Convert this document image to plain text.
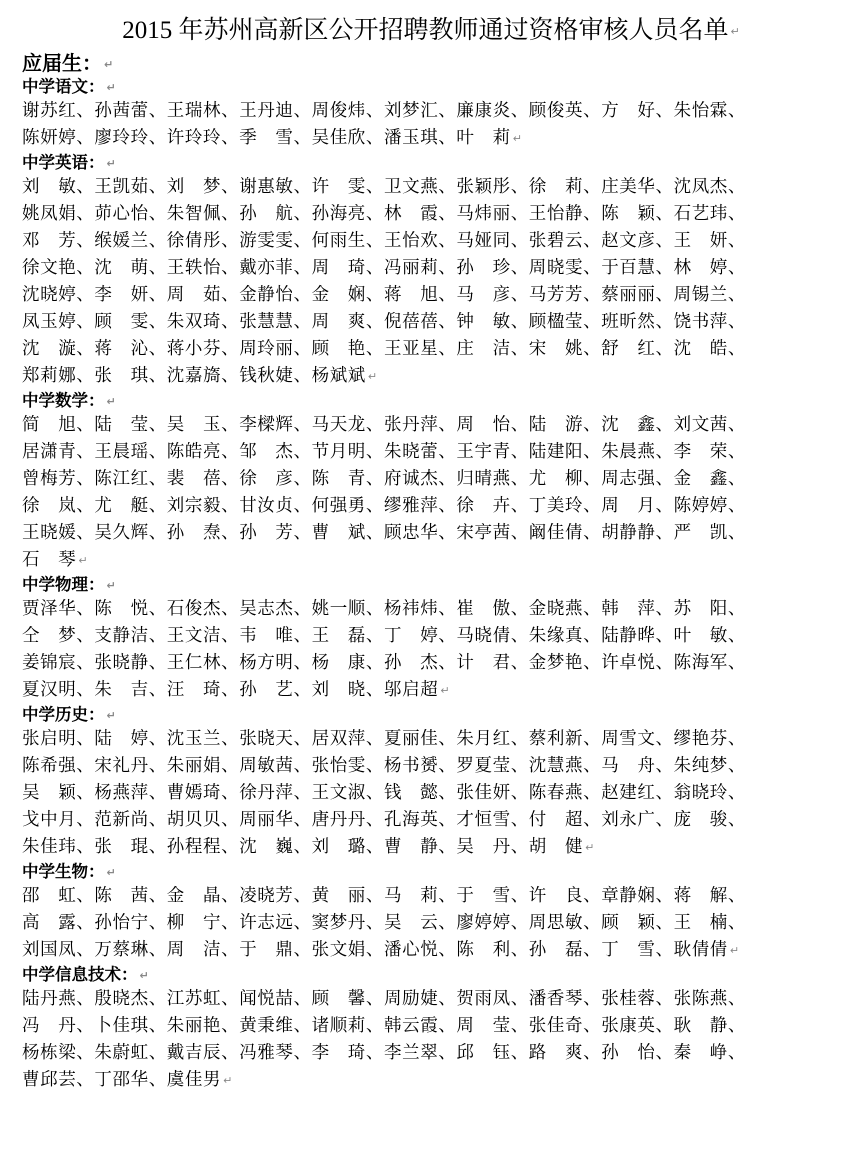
2015 年苏州高新区公开招聘教师通过资格审核人员名单 ↵
应届生： ↵
中学语文： ↵
谢苏红、孙茜蕾、王瑞林、王丹迪、周俊炜、刘梦汇、廉康炎、顾俊英、方　好、朱怡霖、
陈妍婷、廖玲玲、许玲玲、季　雪、吴佳欣、潘玉琪、叶　莉 ↵
中学英语： ↵
刘　敏、王凯茹、刘　梦、谢惠敏、许　雯、卫文燕、张颖彤、徐　莉、庄美华、沈凤杰、
姚凤娟、茆心怡、朱智佩、孙　航、孙海亮、林　霞、马炜丽、王怡静、陈　颖、石艺玮、
邓　芳、缑媛兰、徐倩彤、游雯雯、何雨生、王怡欢、马娅同、张碧云、赵文彦、王　妍、
徐文艳、沈　萌、王轶怡、戴亦菲、周　琦、冯丽莉、孙　珍、周晓雯、于百慧、林　婷、
沈晓婷、李　妍、周　茹、金静怡、金　娴、蒋　旭、马　彦、马芳芳、蔡丽丽、周锡兰、
凤玉婷、顾　雯、朱双琦、张慧慧、周　爽、倪蓓蓓、钟　敏、顾楹莹、班昕然、饶书萍、
沈　漩、蒋　沁、蒋小芬、周玲丽、顾　艳、王亚星、庄　洁、宋　姚、舒　红、沈　皓、
郑莉娜、张　琪、沈嘉旖、钱秋婕、杨斌斌 ↵
中学数学： ↵
简　旭、陆　莹、吴　玉、李樑辉、马天龙、张丹萍、周　怡、陆　游、沈　鑫、刘文茜、
居潇青、王晨瑶、陈皓亮、邹　杰、节月明、朱晓蕾、王宇青、陆建阳、朱晨燕、李　荣、
曾梅芳、陈江红、裴　蓓、徐　彦、陈　青、府诚杰、归晴燕、尤　柳、周志强、金　鑫、
徐　岚、尤　艇、刘宗毅、甘汝贞、何强勇、缪雅萍、徐　卉、丁美玲、周　月、陈婷婷、
王晓媛、吴久辉、孙　焘、孙　芳、曹　斌、顾忠华、宋亭茜、阚佳倩、胡静静、严　凯、
石　琴 ↵
中学物理： ↵
贾泽华、陈　悦、石俊杰、吴志杰、姚一顺、杨祎炜、崔　傲、金晓燕、韩　萍、苏　阳、
仝　梦、支静洁、王文洁、韦　唯、王　磊、丁　婷、马晓倩、朱缘真、陆静晔、叶　敏、
姜锦宸、张晓静、王仁林、杨方明、杨　康、孙　杰、计　君、金梦艳、许卓悦、陈海军、
夏汉明、朱　吉、汪　琦、孙　艺、刘　晓、邬启超 ↵
中学历史： ↵
张启明、陆　婷、沈玉兰、张晓天、居双萍、夏丽佳、朱月红、蔡利新、周雪文、缪艳芬、
陈希强、宋礼丹、朱丽娟、周敏茜、张怡雯、杨书赟、罗夏莹、沈慧燕、马　舟、朱纯梦、
吴　颖、杨燕萍、曹嫣琦、徐丹萍、王文淑、钱　懿、张佳妍、陈春燕、赵建红、翁晓玲、
戈中月、范新尚、胡贝贝、周丽华、唐丹丹、孔海英、才恒雪、付　超、刘永广、庞　骏、
朱佳玮、张　琨、孙程程、沈　巍、刘　璐、曹　静、吴　丹、胡　健 ↵
中学生物： ↵
邵　虹、陈　茜、金　晶、凌晓芳、黄　丽、马　莉、于　雪、许　良、章静娴、蒋　解、
高　露、孙怡宁、柳　宁、许志远、窦梦丹、吴　云、廖婷婷、周思敏、顾　颖、王　楠、
刘国凤、万蔡琳、周　洁、于　鼎、张文娟、潘心悦、陈　利、孙　磊、丁　雪、耿倩倩 ↵
中学信息技术： ↵
陆丹燕、殷晓杰、江苏虹、闻悦喆、顾　馨、周励婕、贺雨凤、潘香琴、张桂蓉、张陈燕、
冯　丹、卜佳琪、朱丽艳、黄秉维、诸顺莉、韩云霞、周　莹、张佳奇、张康英、耿　静、
杨栋梁、朱蔚虹、戴吉辰、冯雅琴、李　琦、李兰翠、邱　钰、路　爽、孙　怡、秦　峥、
曹邱芸、丁邵华、虞佳男 ↵
